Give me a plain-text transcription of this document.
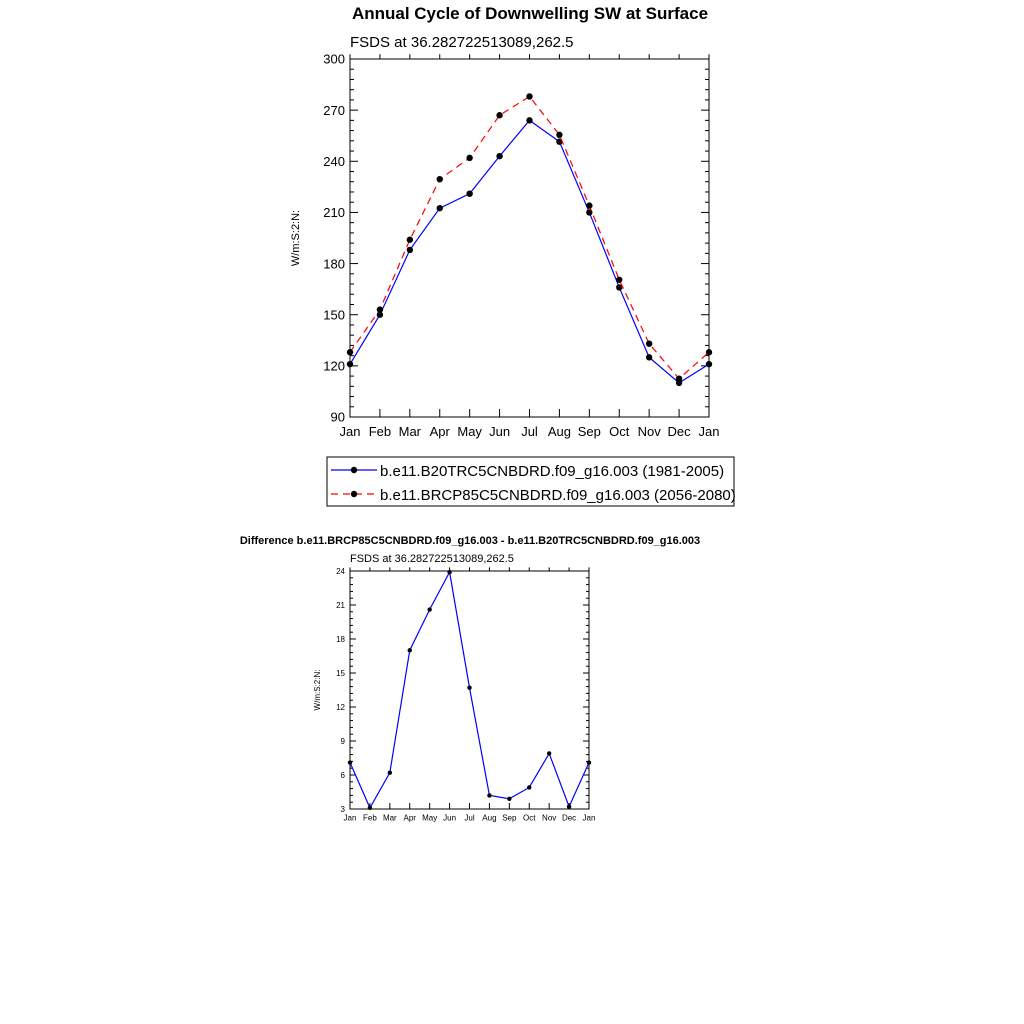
Annual Cycle of Downwelling SW at Surface
FSDS at 36.282722513089,262.5
W/m:S:2:N:
90
120
150
180
210
240
270
300
Jan Feb Mar Apr May Jun Jul Aug Sep Oct Nov Dec Jan
b.e11.B20TRC5CNBDRD.f09_g16.003 (1981-2005)
b.e11.BRCP85C5CNBDRD.f09_g16.003 (2056-2080)
Difference b.e11.BRCP85C5CNBDRD.f09_g16.003 - b.e11.B20TRC5CNBDRD.f09_g16.003
FSDS at 36.282722513089,262.5
W/m:S:2:N:
3
6
9
12
15
18
21
24
Jan Feb Mar Apr May Jun Jul Aug Sep Oct Nov Dec Jan
